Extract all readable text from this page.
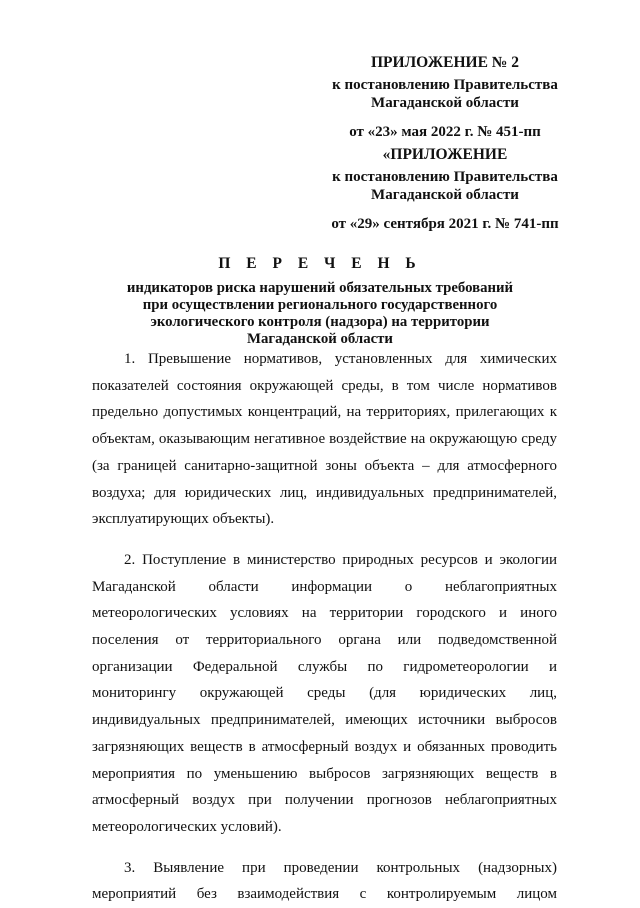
ПРИЛОЖЕНИЕ № 2
к постановлению Правительства
Магаданской области
от «23» мая 2022 г. № 451-пп
«ПРИЛОЖЕНИЕ
к постановлению Правительства
Магаданской области
от «29» сентября 2021 г. № 741-пп
П Е Р Е Ч Е Н Ь
индикаторов риска нарушений обязательных требований
при осуществлении регионального государственного
экологического контроля (надзора) на территории
Магаданской области

1. Превышение нормативов, установленных для химических показателей состояния окружающей среды, в том числе нормативов предельно допустимых концентраций, на территориях, прилегающих к объектам, оказывающим негативное воздействие на окружающую среду (за границей санитарно-защитной зоны объекта – для атмосферного воздуха; для юридических лиц, индивидуальных предпринимателей, эксплуатирующих объекты).

2. Поступление в министерство природных ресурсов и экологии Магаданской области информации о неблагоприятных метеорологических условиях на территории городского и иного поселения от территориального органа или подведомственной организации Федеральной службы по гидрометеорологии и мониторингу окружающей среды (для юридических лиц, индивидуальных предпринимателей, имеющих источники выбросов загрязняющих веществ в атмосферный воздух и обязанных проводить мероприятия по уменьшению выбросов загрязняющих веществ в атмосферный воздух при получении прогнозов неблагоприятных метеорологических условий).

3. Выявление при проведении контрольных (надзорных) мероприятий без взаимодействия с контролируемым лицом
